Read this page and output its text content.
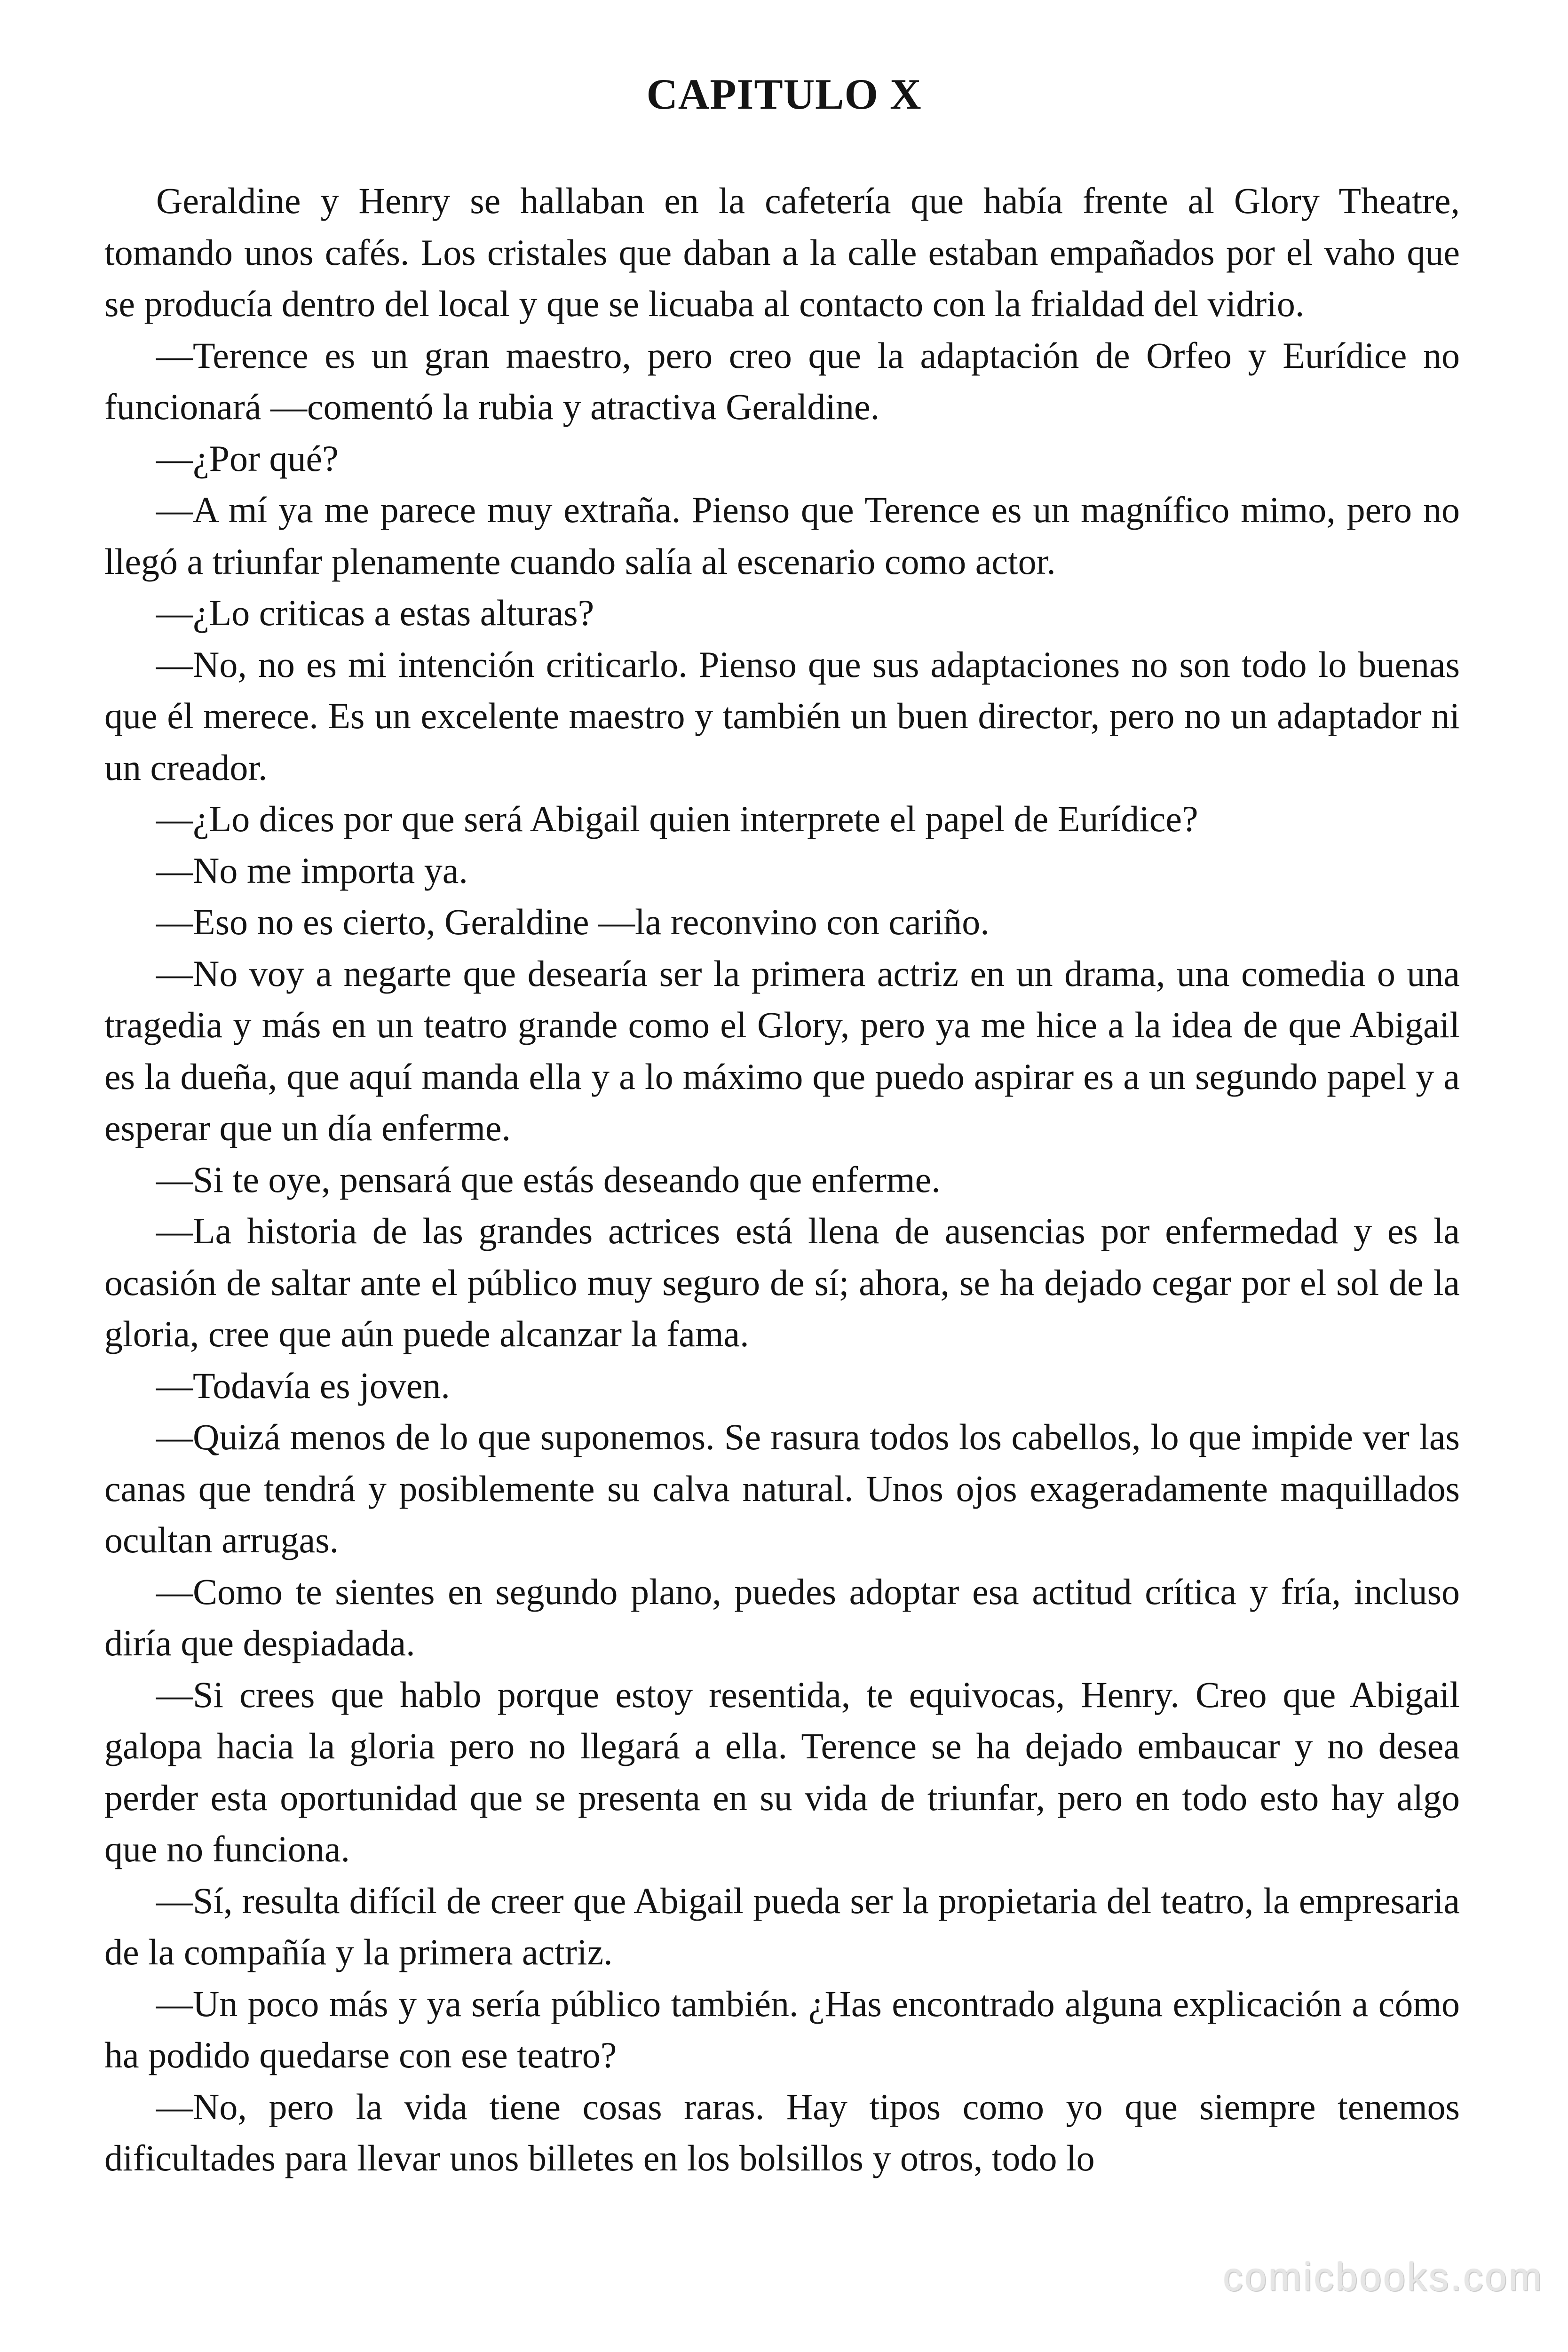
CAPITULO X

Geraldine y Henry se hallaban en la cafetería que había frente al Glory Theatre, tomando unos cafés. Los cristales que daban a la calle estaban empañados por el vaho que se producía dentro del local y que se licuaba al contacto con la frialdad del vidrio.

—Terence es un gran maestro, pero creo que la adaptación de Orfeo y Eurídice no funcionará —comentó la rubia y atractiva Geraldine.

—¿Por qué?

—A mí ya me parece muy extraña. Pienso que Terence es un magnífico mimo, pero no llegó a triunfar plenamente cuando salía al escenario como actor.

—¿Lo criticas a estas alturas?

—No, no es mi intención criticarlo. Pienso que sus adaptaciones no son todo lo buenas que él merece. Es un excelente maestro y también un buen director, pero no un adaptador ni un creador.

—¿Lo dices por que será Abigail quien interprete el papel de Eurídice?

—No me importa ya.

—Eso no es cierto, Geraldine —la reconvino con cariño.

—No voy a negarte que desearía ser la primera actriz en un drama, una comedia o una tragedia y más en un teatro grande como el Glory, pero ya me hice a la idea de que Abigail es la dueña, que aquí manda ella y a lo máximo que puedo aspirar es a un segundo papel y a esperar que un día enferme.

—Si te oye, pensará que estás deseando que enferme.

—La historia de las grandes actrices está llena de ausencias por enfermedad y es la ocasión de saltar ante el público muy seguro de sí; ahora, se ha dejado cegar por el sol de la gloria, cree que aún puede alcanzar la fama.

—Todavía es joven.

—Quizá menos de lo que suponemos. Se rasura todos los cabellos, lo que impide ver las canas que tendrá y posiblemente su calva natural. Unos ojos exageradamente maquillados ocultan arrugas.

—Como te sientes en segundo plano, puedes adoptar esa actitud crítica y fría, incluso diría que despiadada.

—Si crees que hablo porque estoy resentida, te equivocas, Henry. Creo que Abigail galopa hacia la gloria pero no llegará a ella. Terence se ha dejado embaucar y no desea perder esta oportunidad que se presenta en su vida de triunfar, pero en todo esto hay algo que no funciona.

—Sí, resulta difícil de creer que Abigail pueda ser la propietaria del teatro, la empresaria de la compañía y la primera actriz.

—Un poco más y ya sería público también. ¿Has encontrado alguna explicación a cómo ha podido quedarse con ese teatro?

—No, pero la vida tiene cosas raras. Hay tipos como yo que siempre tenemos dificultades para llevar unos billetes en los bolsillos y otros, todo lo

comicbooks.com
